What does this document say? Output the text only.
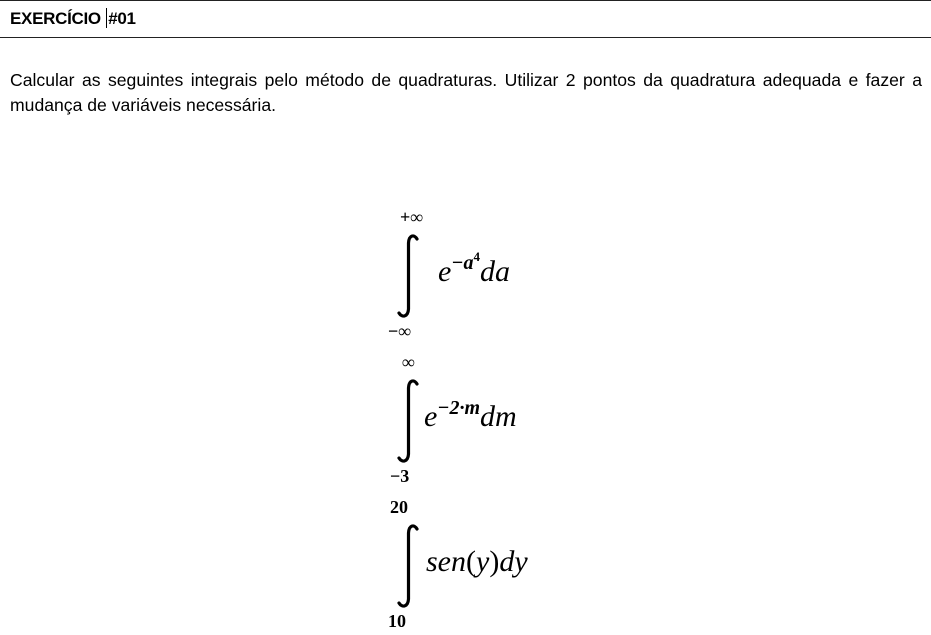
EXERCÍCIO #01
Calcular as seguintes integrais pelo método de quadraturas. Utilizar 2 pontos da quadratura adequada e fazer a mudança de variáveis necessária.
+∞
−∞
$e^{-a^4}da$
∞
−3
$e^{-2\cdot m}dm$
20
10
sen(y)dy
